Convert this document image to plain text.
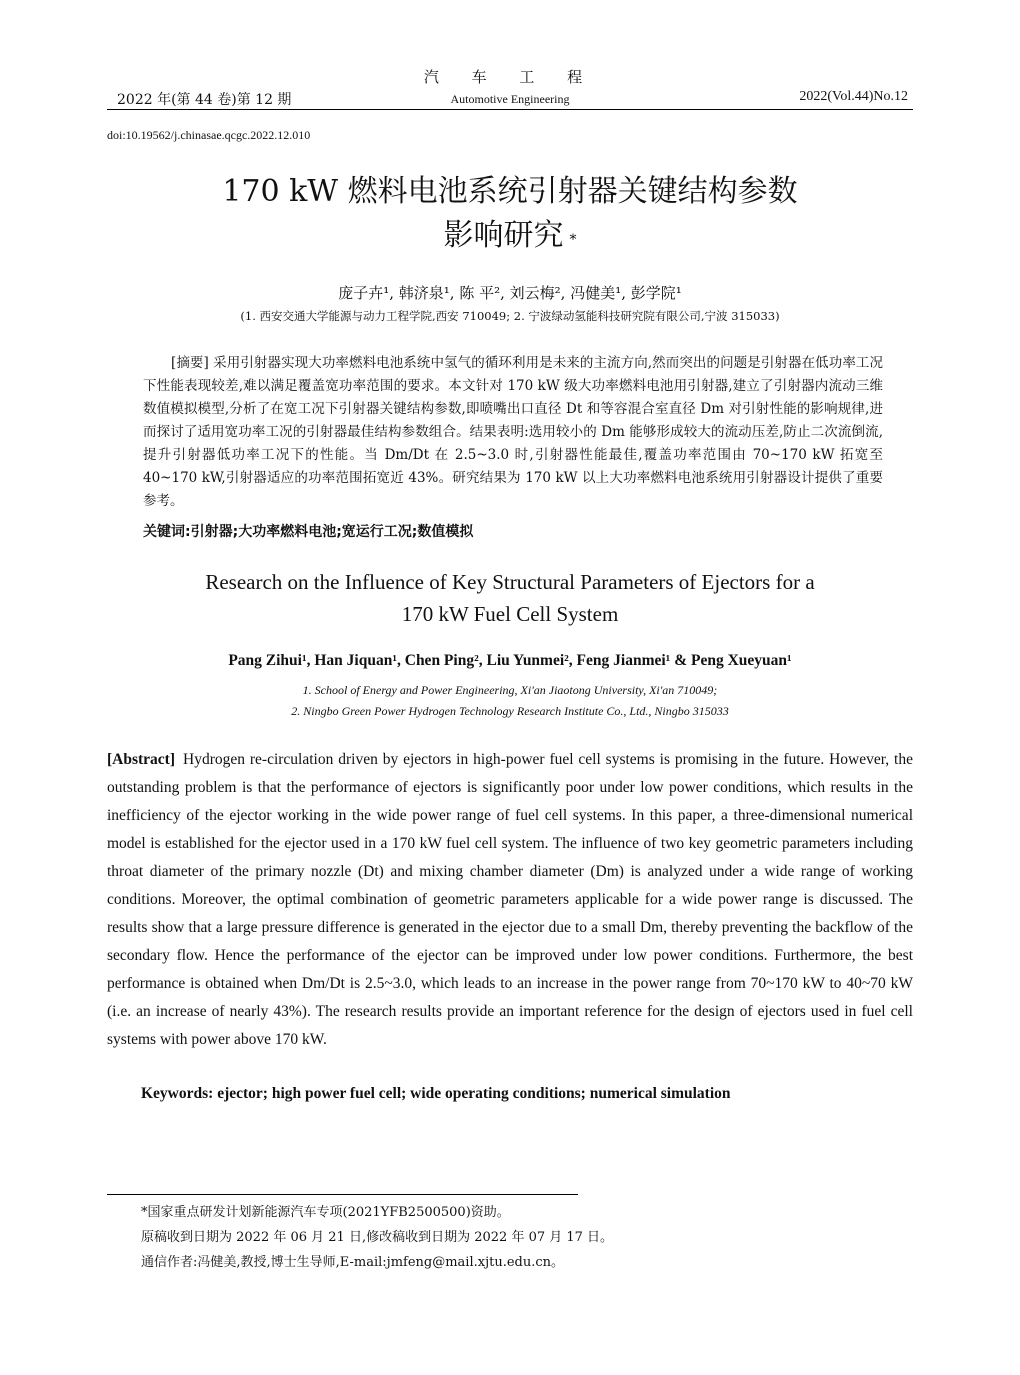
汽 车 工 程
2022 年(第 44 卷)第 12 期	Automotive Engineering	2022(Vol.44)No.12
doi:10.19562/j.chinasae.qcgc.2022.12.010
170 kW 燃料电池系统引射器关键结构参数
影响研究 *
庞子卉¹, 韩济泉¹, 陈 平², 刘云梅², 冯健美¹, 彭学院¹
(1. 西安交通大学能源与动力工程学院,西安 710049; 2. 宁波绿动氢能科技研究院有限公司,宁波 315033)
[摘要] 采用引射器实现大功率燃料电池系统中氢气的循环利用是未来的主流方向,然而突出的问题是引射器在低功率工况下性能表现较差,难以满足覆盖宽功率范围的要求。本文针对 170 kW 级大功率燃料电池用引射器,建立了引射器内流动三维数值模拟模型,分析了在宽工况下引射器关键结构参数,即喷嘴出口直径 Dt 和等容混合室直径 Dm 对引射性能的影响规律,进而探讨了适用宽功率工况的引射器最佳结构参数组合。结果表明:选用较小的 Dm 能够形成较大的流动压差,防止二次流倒流,提升引射器低功率工况下的性能。当 Dm/Dt 在 2.5~3.0 时,引射器性能最佳,覆盖功率范围由 70~170 kW 拓宽至 40~170 kW,引射器适应的功率范围拓宽近 43%。研究结果为 170 kW 以上大功率燃料电池系统用引射器设计提供了重要参考。
关键词:引射器;大功率燃料电池;宽运行工况;数值模拟
Research on the Influence of Key Structural Parameters of Ejectors for a
170 kW Fuel Cell System
Pang Zihui¹, Han Jiquan¹, Chen Ping², Liu Yunmei², Feng Jianmei¹ & Peng Xueyuan¹
1. School of Energy and Power Engineering, Xi'an Jiaotong University, Xi'an 710049;
2. Ningbo Green Power Hydrogen Technology Research Institute Co., Ltd., Ningbo 315033
[Abstract] Hydrogen re-circulation driven by ejectors in high-power fuel cell systems is promising in the future. However, the outstanding problem is that the performance of ejectors is significantly poor under low power conditions, which results in the inefficiency of the ejector working in the wide power range of fuel cell systems. In this paper, a three-dimensional numerical model is established for the ejector used in a 170 kW fuel cell system. The influence of two key geometric parameters including throat diameter of the primary nozzle (Dt) and mixing chamber diameter (Dm) is analyzed under a wide range of working conditions. Moreover, the optimal combination of geometric parameters applicable for a wide power range is discussed. The results show that a large pressure difference is generated in the ejector due to a small Dm, thereby preventing the backflow of the secondary flow. Hence the performance of the ejector can be improved under low power conditions. Furthermore, the best performance is obtained when Dm/Dt is 2.5~3.0, which leads to an increase in the power range from 70~170 kW to 40~70 kW (i.e. an increase of nearly 43%). The research results provide an important reference for the design of ejectors used in fuel cell systems with power above 170 kW.
Keywords: ejector; high power fuel cell; wide operating conditions; numerical simulation
*国家重点研发计划新能源汽车专项(2021YFB2500500)资助。
原稿收到日期为 2022 年 06 月 21 日,修改稿收到日期为 2022 年 07 月 17 日。
通信作者:冯健美,教授,博士生导师,E-mail:jmfeng@mail.xjtu.edu.cn。
